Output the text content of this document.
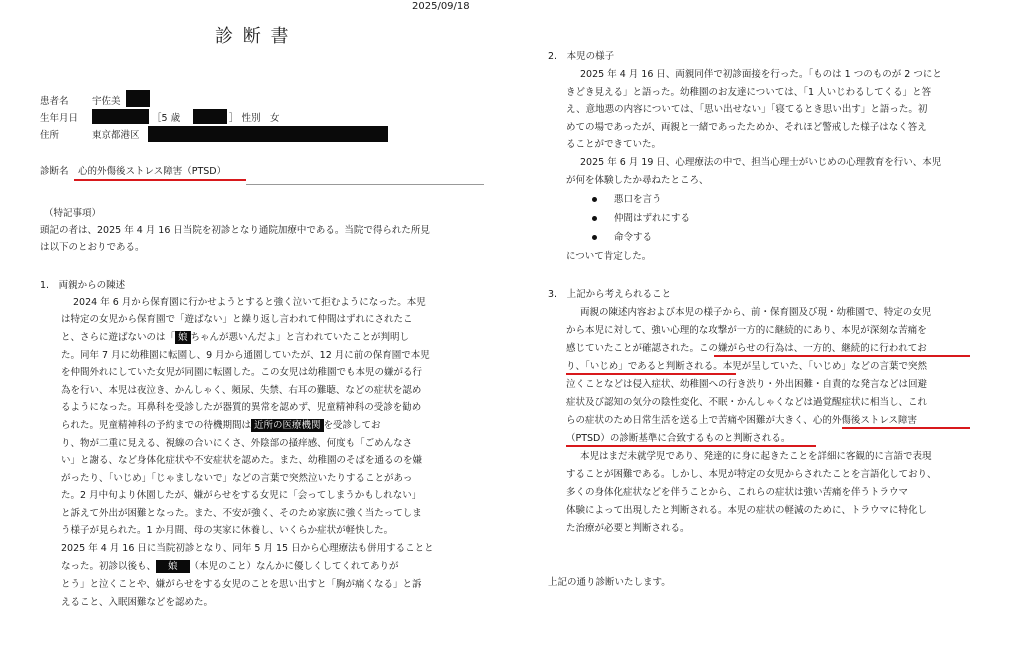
2025/09/18
診 断 書
患者名 宇佐美
生年月日	［5 歳	］ 性別　女
住所	東京都港区
診断名 心的外傷後ストレス障害（PTSD）
（特記事項）
頭記の者は、2025 年 4 月 16 日当院を初診となり通院加療中である。当院で得られた所見
は以下のとおりである。
1.　両親からの陳述
2024 年 6 月から保育園に行かせようとすると強く泣いて拒むようになった。本児
は特定の女児から保育園で「遊ばない」と繰り返し言われて仲間はずれにされたこ
と、さらに遊ばないのは「 娘 ちゃんが悪いんだよ」と言われていたことが判明し
た。同年 7 月に幼稚園に転園し、9 月から通園していたが、12 月に前の保育園で本児
を仲間外れにしていた女児が同園に転園した。この女児は幼稚園でも本児の嫌がる行
為を行い、本児は夜泣き、かんしゃく、頻尿、失禁、右耳の難聴、などの症状を認め
るようになった。耳鼻科を受診したが器質的異常を認めず、児童精神科の受診を勧め
られた。児童精神科の予約までの待機期間は 近所の医療機関 を受診してお
り、物が二重に見える、視線の合いにくさ、外陰部の掻痒感、何度も「ごめんなさ
い」と謝る、など身体化症状や不安症状を認めた。また、幼稚園のそばを通るのを嫌
がったり、「いじめ」「じゃましないで」などの言葉で突然泣いたりすることがあっ
た。2 月中旬より休園したが、嫌がらせをする女児に「会ってしまうかもしれない」
と訴えて外出が困難となった。また、不安が強く、そのため家族に強く当たってしま
う様子が見られた。1 か月間、母の実家に休養し、いくらか症状が軽快した。
2025 年 4 月 16 日に当院初診となり、同年 5 月 15 日から心理療法も併用することと
なった。初診以後も、 娘 （本児のこと）なんかに優しくしてくれてありが
とう」と泣くことや、嫌がらせをする女児のことを思い出すと「胸が痛くなる」と訴
えること、入眠困難などを認めた。
2.　本児の様子
2025 年 4 月 16 日、両親同伴で初診面接を行った。「ものは 1 つのものが 2 つにと
きどき見える」と語った。幼稚園のお友達については、「1 人いじわるしてくる」と答
え、意地悪の内容については、「思い出せない」「寝てるとき思い出す」と語った。初
めての場であったが、両親と一緒であったためか、それほど警戒した様子はなく答え
ることができていた。
2025 年 6 月 19 日、心理療法の中で、担当心理士がいじめの心理教育を行い、本児
が何を体験したか尋ねたところ、
悪口を言う
仲間はずれにする
命令する
について肯定した。
3.　上記から考えられること
両親の陳述内容および本児の様子から、前・保育園及び現・幼稚園で、特定の女児
から本児に対して、強い心理的な攻撃が一方的に継続的にあり、本児が深刻な苦痛を
感じていたことが確認された。この嫌がらせの行為は、一方的、継続的に行われてお
り、「いじめ」であると判断される。本児が呈していた、「いじめ」などの言葉で突然
泣くことなどは侵入症状、幼稚園への行き渋り・外出困難・自責的な発言などは回避
症状及び認知の気分の陰性変化、不眠・かんしゃくなどは過覚醒症状に相当し、これ
らの症状のため日常生活を送る上で苦痛や困難が大きく、心的外傷後ストレス障害
（PTSD）の診断基準に合致するものと判断される。
本児はまだ未就学児であり、発達的に身に起きたことを詳細に客観的に言語で表現
することが困難である。しかし、本児が特定の女児からされたことを言語化しており、
多くの身体化症状などを伴うことから、これらの症状は強い苦痛を伴うトラウマ
体験によって出現したと判断される。本児の症状の軽減のために、トラウマに特化し
た治療が必要と判断される。
上記の通り診断いたします。
